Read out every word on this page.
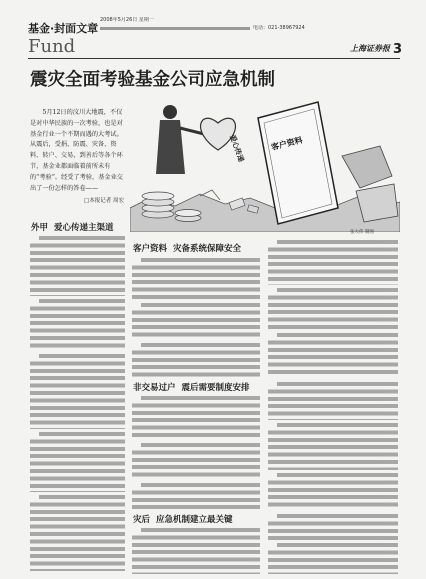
基金·封面文章
Fund
2008年5月26日 星期一
电话：021-38967924
上海证券报 3
震灾全面考验基金公司应急机制
5月12日的汶川大地震，不仅是对中华民族的一次考验，也是对基金行业一个不期而遇的大考试。从震后，受捐、防震、灾备、资料、转户、交易，到善后等各个环节，基金业都面临着前所未有的“考验”。经受了考验，基金业交出了一份怎样的答卷——
□本报记者 周宏
爱心传递	客户资料
张大伟 制图
外甲 爱心传递主渠道
客户资料 灾备系统保障安全
非交易过户 震后需要制度安排
灾后 应急机制建立最关键
